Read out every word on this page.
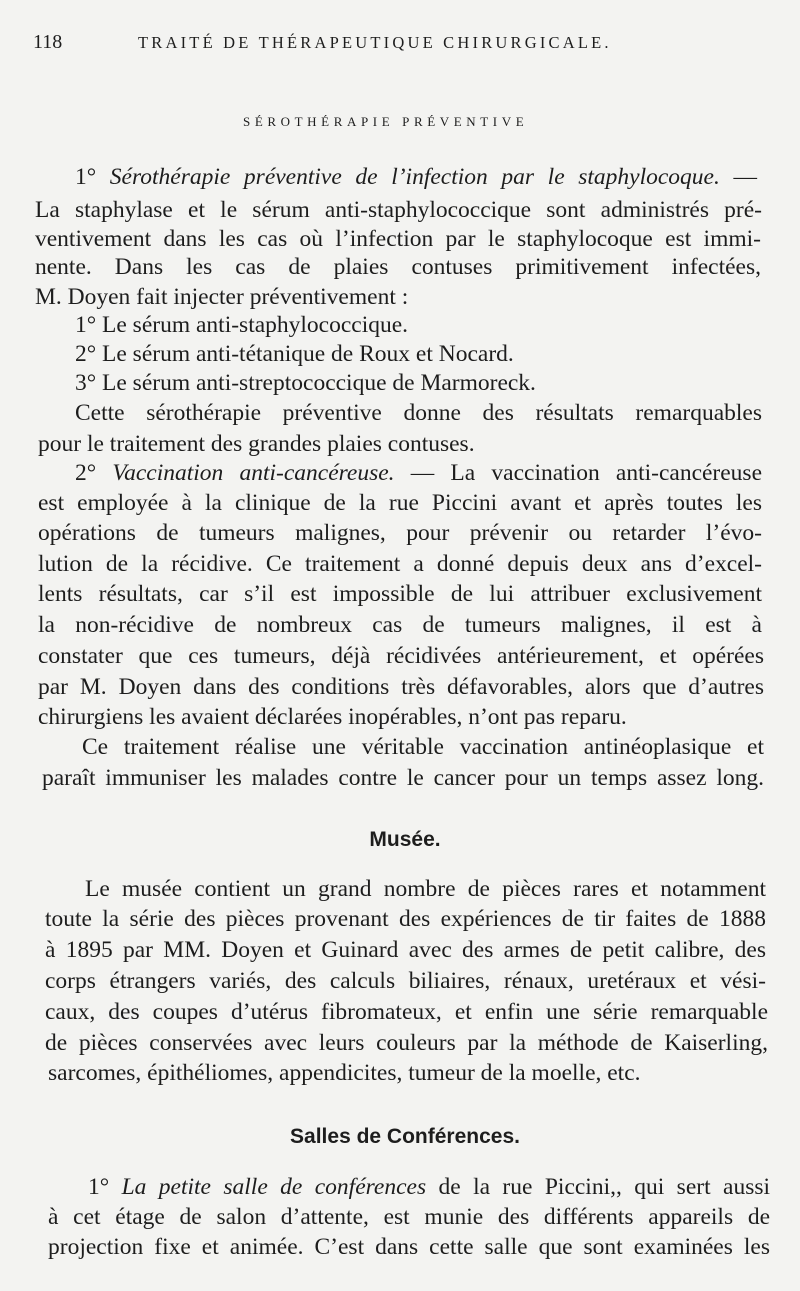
118	TRAITÉ DE THÉRAPEUTIQUE CHIRURGICALE.
SÉROTHÉRAPIE PRÉVENTIVE
1° Sérothérapie préventive de l’infection par le staphylocoque. —
La staphylase et le sérum anti-staphylococcique sont administrés pré-
ventivement dans les cas où l’infection par le staphylocoque est immi-
nente. Dans les cas de plaies contuses primitivement infectées,
M. Doyen fait injecter préventivement :
1° Le sérum anti-staphylococcique.
2° Le sérum anti-tétanique de Roux et Nocard.
3° Le sérum anti-streptococcique de Marmoreck.
Cette sérothérapie préventive donne des résultats remarquables
pour le traitement des grandes plaies contuses.
2° Vaccination anti-cancéreuse. — La vaccination anti-cancéreuse
est employée à la clinique de la rue Piccini avant et après toutes les
opérations de tumeurs malignes, pour prévenir ou retarder l’évo-
lution de la récidive. Ce traitement a donné depuis deux ans d’excel-
lents résultats, car s’il est impossible de lui attribuer exclusivement
la non-récidive de nombreux cas de tumeurs malignes, il est à
constater que ces tumeurs, déjà récidivées antérieurement, et opérées
par M. Doyen dans des conditions très défavorables, alors que d’autres
chirurgiens les avaient déclarées inopérables, n’ont pas reparu.
Ce traitement réalise une véritable vaccination antinéoplasique et
paraît immuniser les malades contre le cancer pour un temps assez long.
Musée.
Le musée contient un grand nombre de pièces rares et notamment
toute la série des pièces provenant des expériences de tir faites de 1888
à 1895 par MM. Doyen et Guinard avec des armes de petit calibre, des
corps étrangers variés, des calculs biliaires, rénaux, uretéraux et vési-
caux, des coupes d’utérus fibromateux, et enfin une série remarquable
de pièces conservées avec leurs couleurs par la méthode de Kaiserling,
sarcomes, épithéliomes, appendicites, tumeur de la moelle, etc.
Salles de Conférences.
1° La petite salle de conférences de la rue Piccini,, qui sert aussi
à cet étage de salon d’attente, est munie des différents appareils de
projection fixe et animée. C’est dans cette salle que sont examinées les
